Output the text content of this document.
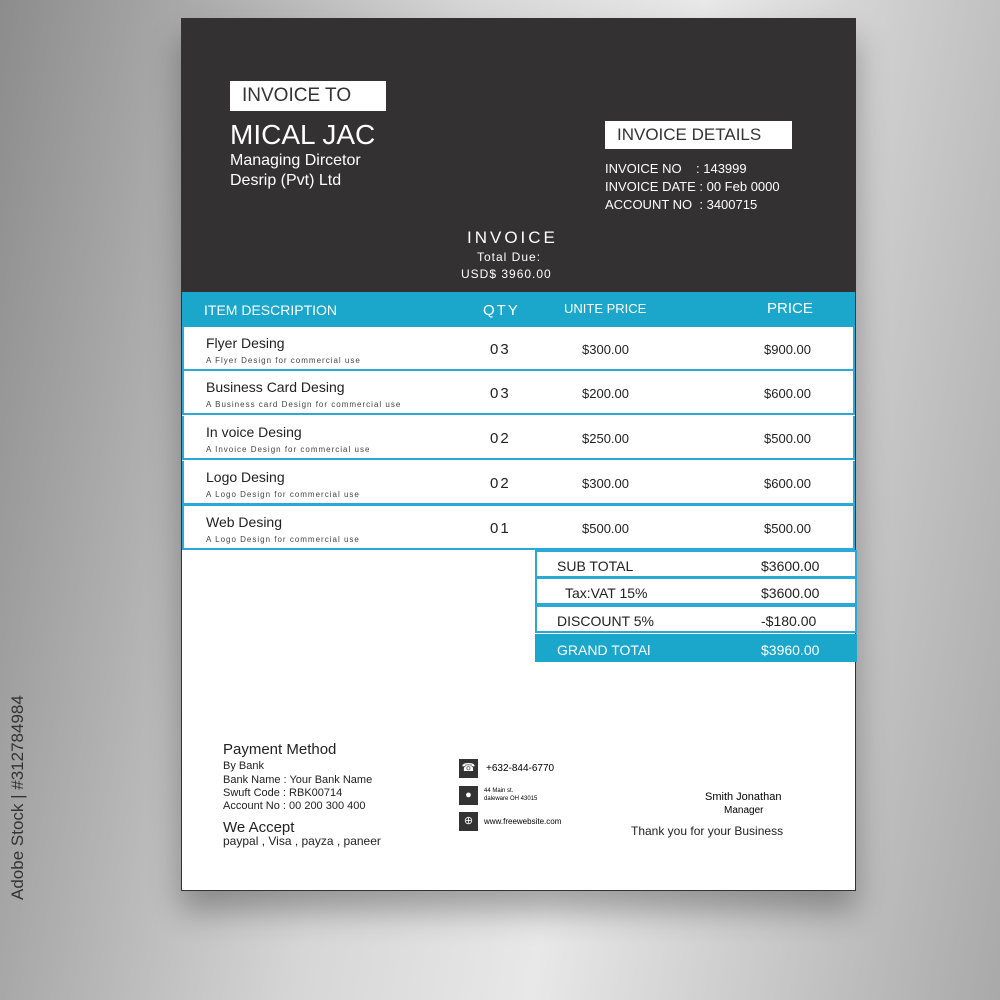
Adobe Stock | #312784984
INVOICE TO
MICAL JAC
Managing Dircetor
Desrip (Pvt) Ltd
INVOICE DETAILS
INVOICE NO    : 143999
INVOICE DATE : 00 Feb 0000
ACCOUNT NO  : 3400715
INVOICE
Total Due:
USD$ 3960.00
ITEM DESCRIPTION	QTY	UNITE PRICE	PRICE
Flyer Desing
A Flyer Design for commercial use
03	$300.00	$900.00
Business Card Desing
A Business card Design for commercial use
03	$200.00	$600.00
In voice Desing
A Invoice Design for commercial use
02	$250.00	$500.00
Logo Desing
A Logo Design for commercial use
02	$300.00	$600.00
Web Desing
A Logo Design for commercial use
01	$500.00	$500.00
SUB TOTAL	$3600.00
Tax:VAT 15%	$3600.00
DISCOUNT 5%	-$180.00
GRAND TOTAl	$3960.00
Payment Method
By Bank
Bank Name : Your Bank Name
Swuft Code : RBK00714
Account No : 00 200 300 400
We Accept
paypal , Visa , payza , paneer
☎ +632-844-6770
●	44 Main st.
daleware OH 43015
⊕	www.freewebsite.com
Smith Jonathan
Manager
Thank you for your Business
